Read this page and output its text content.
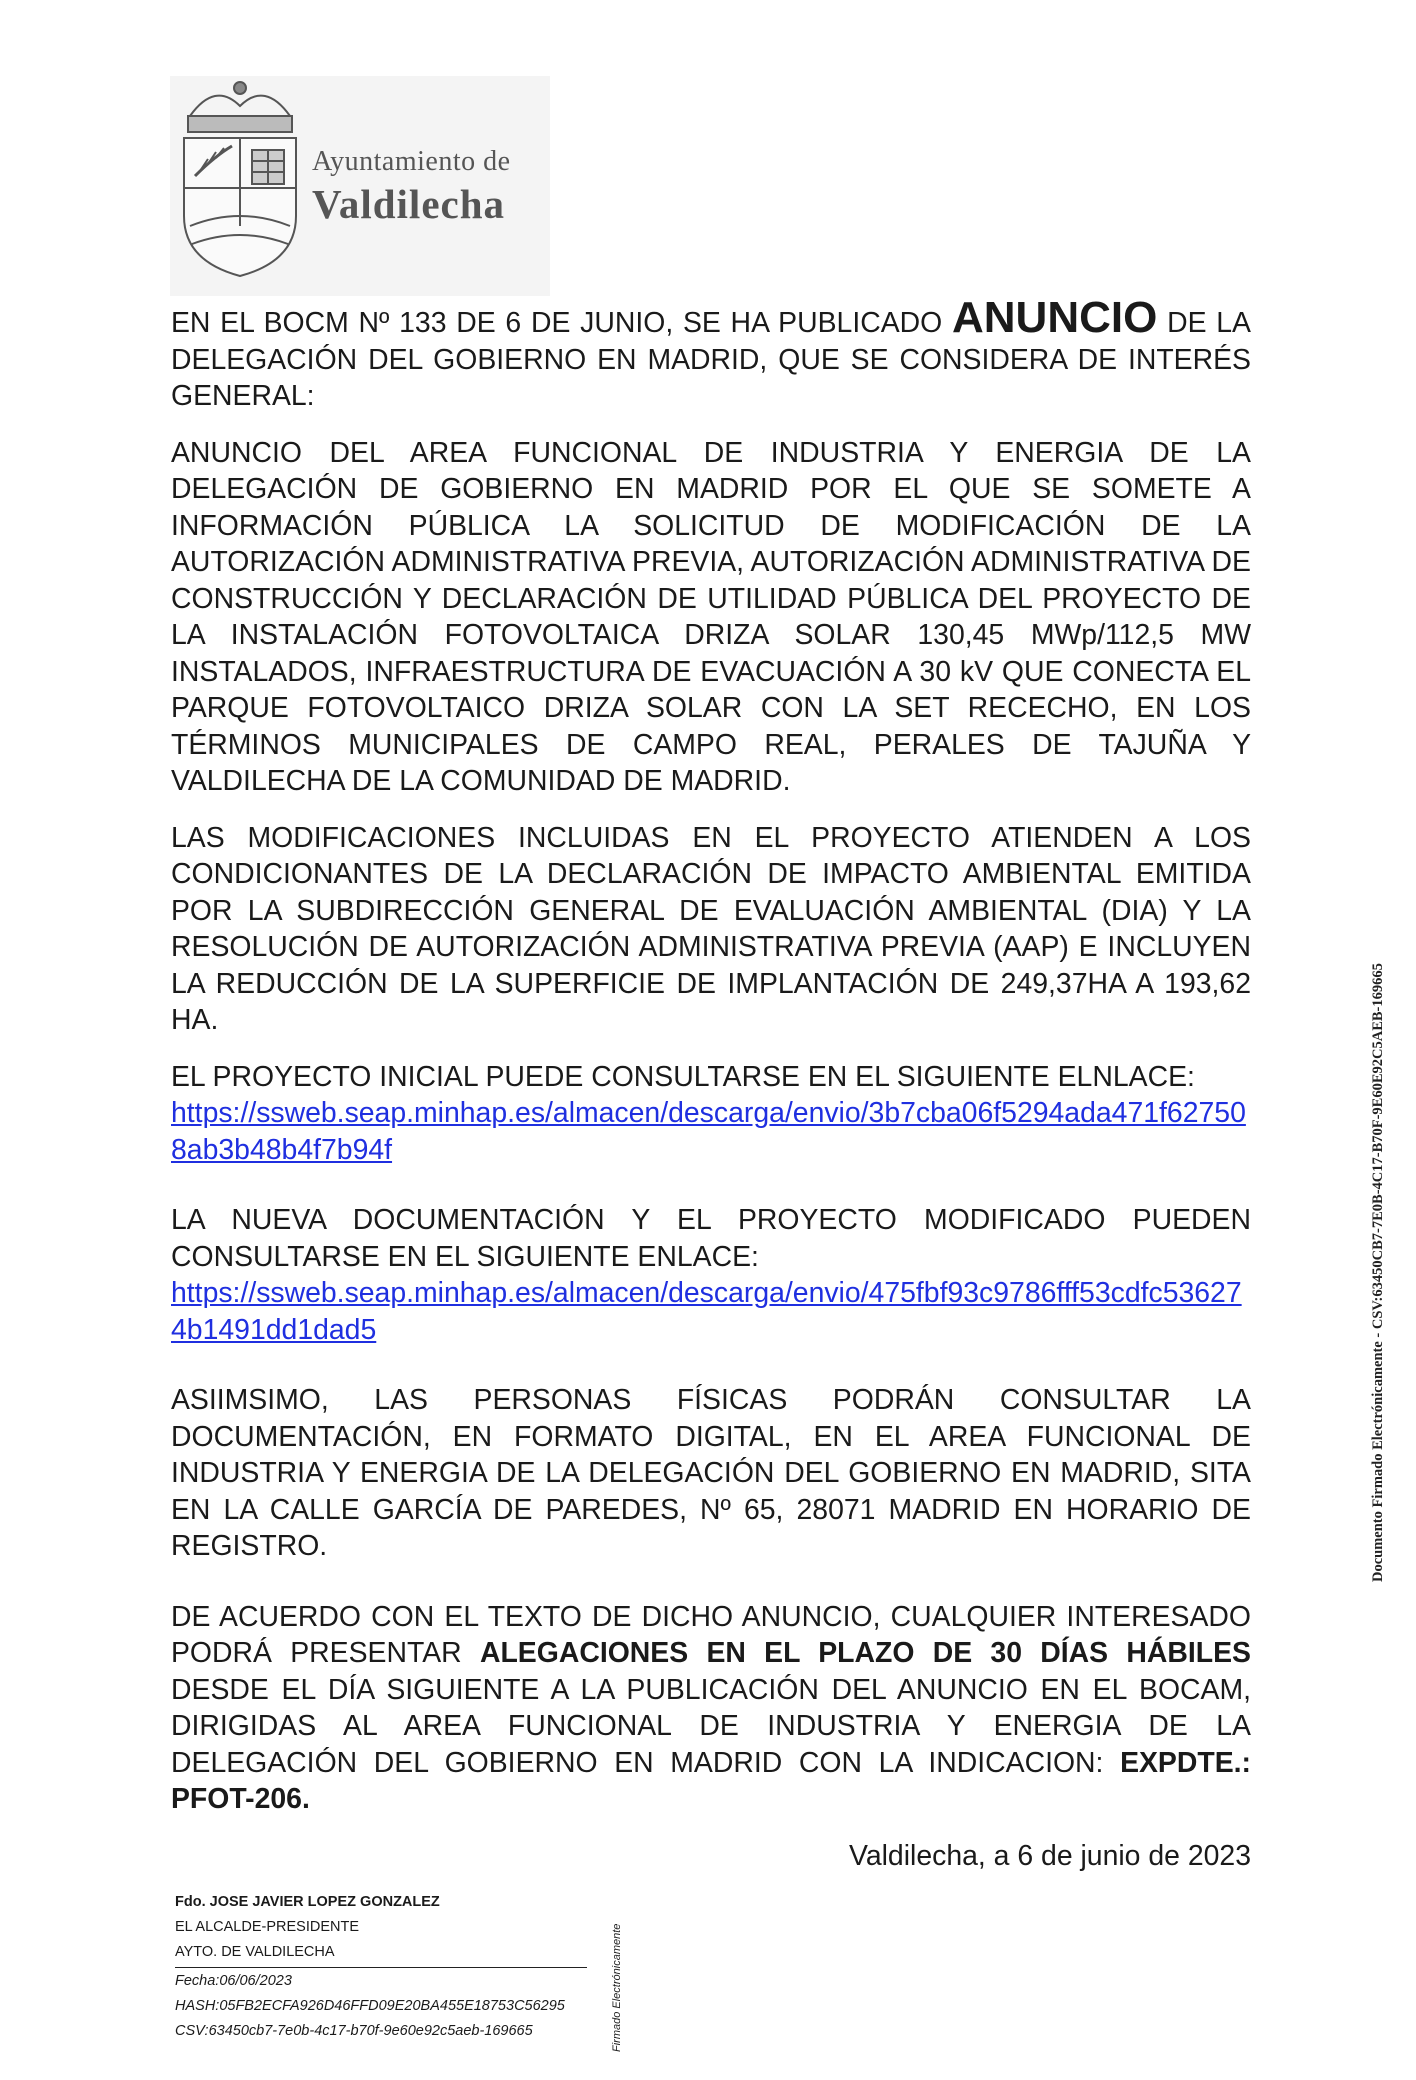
Ayuntamiento de
Valdilecha

EN EL BOCM Nº 133 DE 6 DE JUNIO, SE HA PUBLICADO ANUNCIO DE LA DELEGACIÓN DEL GOBIERNO EN MADRID, QUE SE CONSIDERA DE INTERÉS GENERAL:

ANUNCIO DEL AREA FUNCIONAL DE INDUSTRIA Y ENERGIA DE LA DELEGACIÓN DE GOBIERNO EN MADRID POR EL QUE SE SOMETE A INFORMACIÓN PÚBLICA LA SOLICITUD DE MODIFICACIÓN DE LA AUTORIZACIÓN ADMINISTRATIVA PREVIA, AUTORIZACIÓN ADMINISTRATIVA DE CONSTRUCCIÓN Y DECLARACIÓN DE UTILIDAD PÚBLICA DEL PROYECTO DE LA INSTALACIÓN FOTOVOLTAICA DRIZA SOLAR 130,45 MWp/112,5 MW INSTALADOS, INFRAESTRUCTURA DE EVACUACIÓN A 30 kV QUE CONECTA EL PARQUE FOTOVOLTAICO DRIZA SOLAR CON LA SET RECECHO, EN LOS TÉRMINOS MUNICIPALES DE CAMPO REAL, PERALES DE TAJUÑA Y VALDILECHA DE LA COMUNIDAD DE MADRID.

LAS MODIFICACIONES INCLUIDAS EN EL PROYECTO ATIENDEN A LOS CONDICIONANTES DE LA DECLARACIÓN DE IMPACTO AMBIENTAL EMITIDA POR LA SUBDIRECCIÓN GENERAL DE EVALUACIÓN AMBIENTAL (DIA) Y LA RESOLUCIÓN DE AUTORIZACIÓN ADMINISTRATIVA PREVIA (AAP) E INCLUYEN LA REDUCCIÓN DE LA SUPERFICIE DE IMPLANTACIÓN DE 249,37HA A 193,62 HA.

EL PROYECTO INICIAL PUEDE CONSULTARSE EN EL SIGUIENTE ELNLACE:
https://ssweb.seap.minhap.es/almacen/descarga/envio/3b7cba06f5294ada471f627508ab3b48b4f7b94f

LA NUEVA DOCUMENTACIÓN Y EL PROYECTO MODIFICADO PUEDEN CONSULTARSE EN EL SIGUIENTE ENLACE:
https://ssweb.seap.minhap.es/almacen/descarga/envio/475fbf93c9786fff53cdfc536274b1491dd1dad5

ASIIMSIMO, LAS PERSONAS FÍSICAS PODRÁN CONSULTAR LA DOCUMENTACIÓN, EN FORMATO DIGITAL, EN EL AREA FUNCIONAL DE INDUSTRIA Y ENERGIA DE LA DELEGACIÓN DEL GOBIERNO EN MADRID, SITA EN LA CALLE GARCÍA DE PAREDES, Nº 65, 28071 MADRID EN HORARIO DE REGISTRO.

DE ACUERDO CON EL TEXTO DE DICHO ANUNCIO, CUALQUIER INTERESADO PODRÁ PRESENTAR ALEGACIONES EN EL PLAZO DE 30 DÍAS HÁBILES DESDE EL DÍA SIGUIENTE A LA PUBLICACIÓN DEL ANUNCIO EN EL BOCAM, DIRIGIDAS AL AREA FUNCIONAL DE INDUSTRIA Y ENERGIA DE LA DELEGACIÓN DEL GOBIERNO EN MADRID CON LA INDICACION: EXPDTE.: PFOT-206.

Valdilecha, a 6 de junio de 2023
Fdo. JOSE JAVIER LOPEZ GONZALEZ
EL ALCALDE-PRESIDENTE
AYTO. DE VALDILECHA
Fecha:06/06/2023
HASH:05FB2ECFA926D46FFD09E20BA455E18753C56295
CSV:63450cb7-7e0b-4c17-b70f-9e60e92c5aeb-169665	Firmado Electrónicamente
Documento Firmado Electrónicamente - CSV:63450CB7-7E0B-4C17-B70F-9E60E92C5AEB-169665
